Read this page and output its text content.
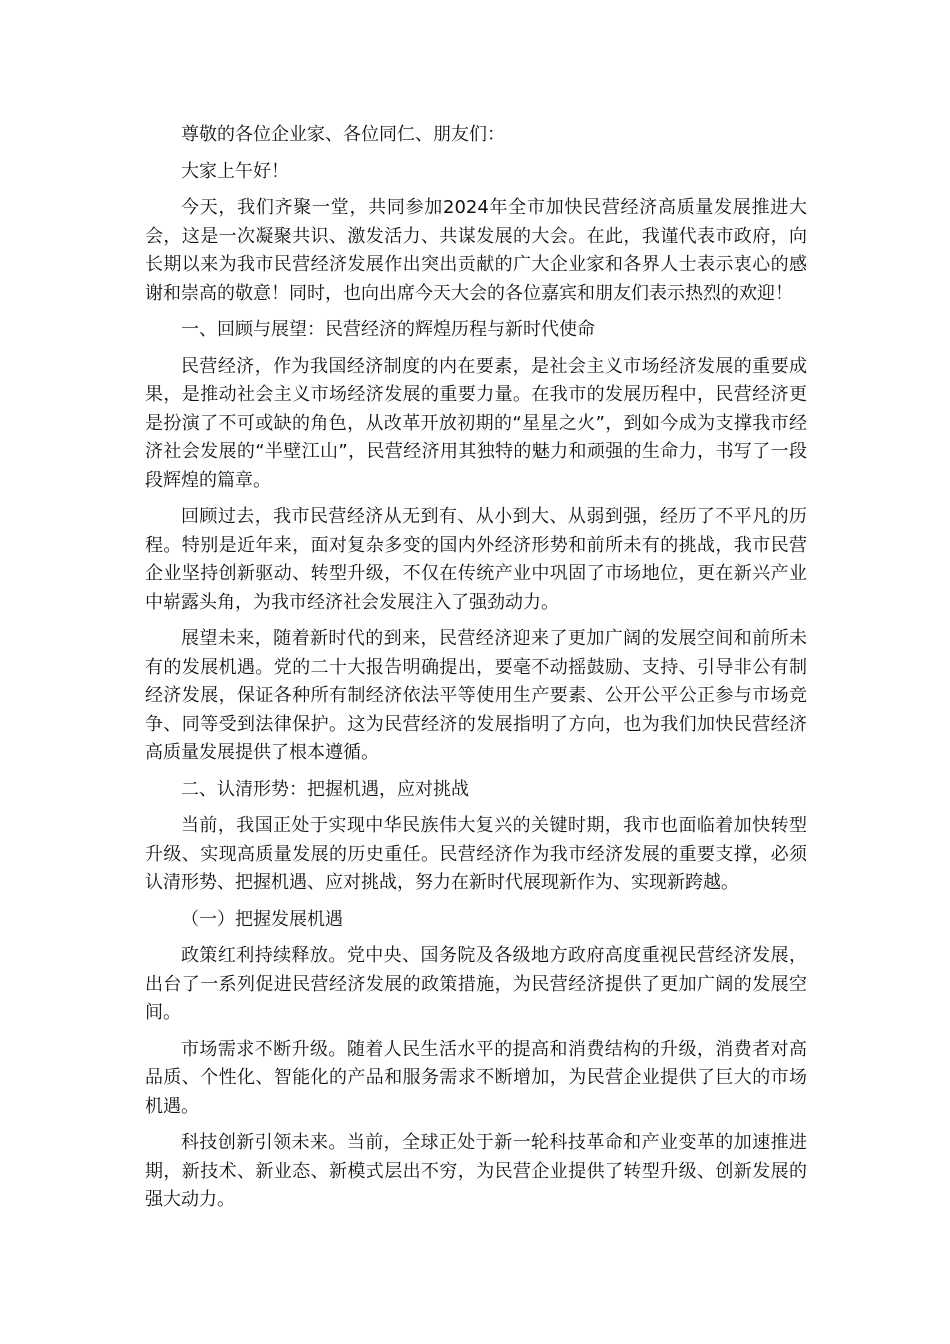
尊敬的各位企业家、各位同仁、朋友们：

大家上午好！

今天，我们齐聚一堂，共同参加2024年全市加快民营经济高质量发展推进大会，这是一次凝聚共识、激发活力、共谋发展的大会。在此，我谨代表市政府，向长期以来为我市民营经济发展作出突出贡献的广大企业家和各界人士表示衷心的感谢和崇高的敬意！同时，也向出席今天大会的各位嘉宾和朋友们表示热烈的欢迎！

一、回顾与展望：民营经济的辉煌历程与新时代使命

民营经济，作为我国经济制度的内在要素，是社会主义市场经济发展的重要成果，是推动社会主义市场经济发展的重要力量。在我市的发展历程中，民营经济更是扮演了不可或缺的角色，从改革开放初期的“星星之火”，到如今成为支撑我市经济社会发展的“半壁江山”，民营经济用其独特的魅力和顽强的生命力，书写了一段段辉煌的篇章。

回顾过去，我市民营经济从无到有、从小到大、从弱到强，经历了不平凡的历程。特别是近年来，面对复杂多变的国内外经济形势和前所未有的挑战，我市民营企业坚持创新驱动、转型升级，不仅在传统产业中巩固了市场地位，更在新兴产业中崭露头角，为我市经济社会发展注入了强劲动力。

展望未来，随着新时代的到来，民营经济迎来了更加广阔的发展空间和前所未有的发展机遇。党的二十大报告明确提出，要毫不动摇鼓励、支持、引导非公有制经济发展，保证各种所有制经济依法平等使用生产要素、公开公平公正参与市场竞争、同等受到法律保护。这为民营经济的发展指明了方向，也为我们加快民营经济高质量发展提供了根本遵循。

二、认清形势：把握机遇，应对挑战

当前，我国正处于实现中华民族伟大复兴的关键时期，我市也面临着加快转型升级、实现高质量发展的历史重任。民营经济作为我市经济发展的重要支撑，必须认清形势、把握机遇、应对挑战，努力在新时代展现新作为、实现新跨越。

（一）把握发展机遇

政策红利持续释放。党中央、国务院及各级地方政府高度重视民营经济发展，出台了一系列促进民营经济发展的政策措施，为民营经济提供了更加广阔的发展空间。

市场需求不断升级。随着人民生活水平的提高和消费结构的升级，消费者对高品质、个性化、智能化的产品和服务需求不断增加，为民营企业提供了巨大的市场机遇。

科技创新引领未来。当前，全球正处于新一轮科技革命和产业变革的加速推进期，新技术、新业态、新模式层出不穷，为民营企业提供了转型升级、创新发展的强大动力。
